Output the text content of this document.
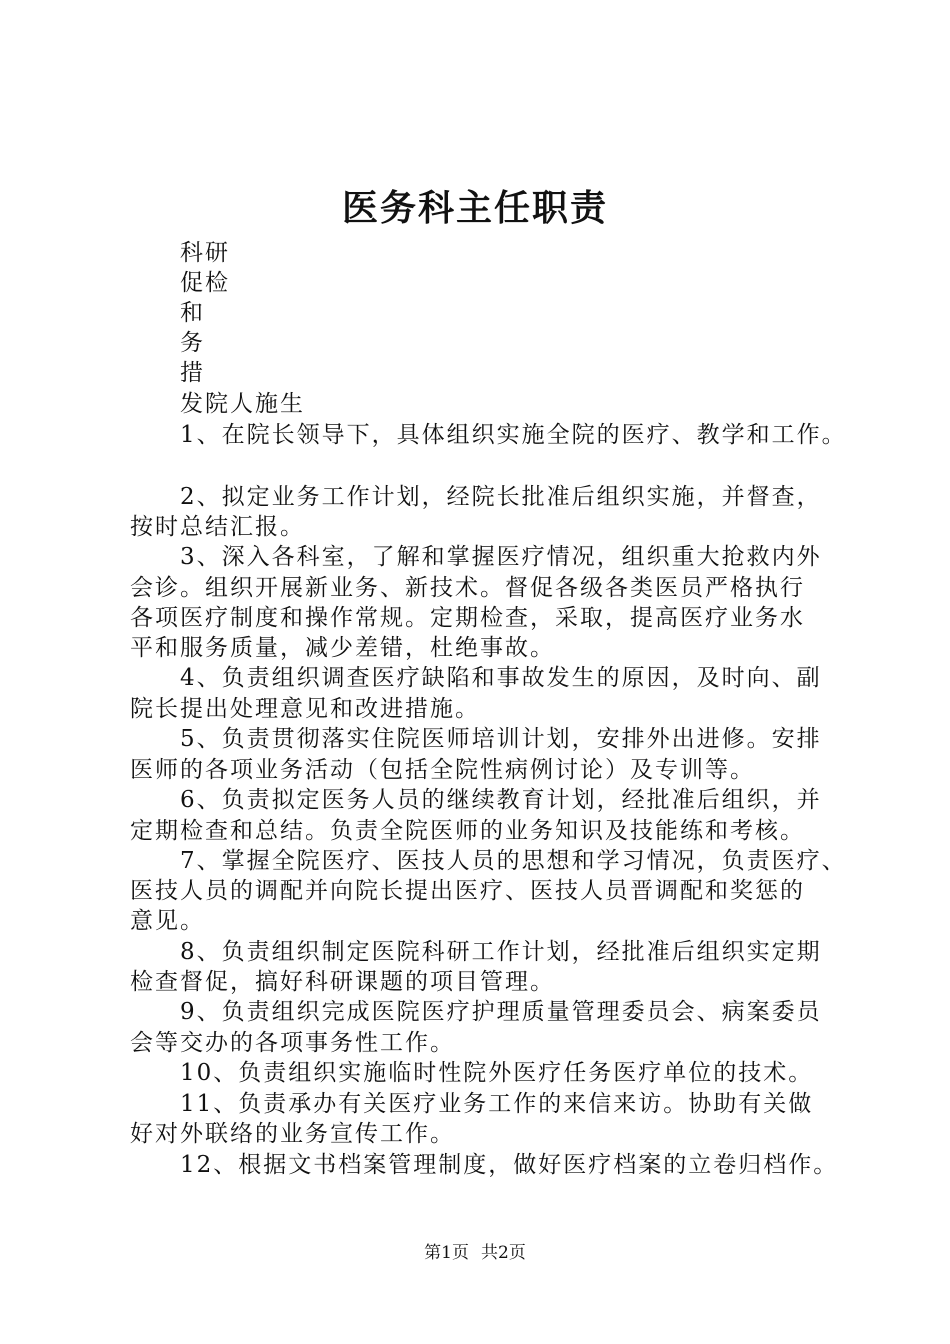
医务科主任职责
科研
促检
和
务
措
发院人施生
1、在院长领导下，具体组织实施全院的医疗、教学和工作。
2、拟定业务工作计划，经院长批准后组织实施，并督查，
按时总结汇报。
3、深入各科室，了解和掌握医疗情况，组织重大抢救内外
会诊。组织开展新业务、新技术。督促各级各类医员严格执行
各项医疗制度和操作常规。定期检查，采取，提高医疗业务水
平和服务质量，减少差错，杜绝事故。
4、负责组织调查医疗缺陷和事故发生的原因，及时向、副
院长提出处理意见和改进措施。
5、负责贯彻落实住院医师培训计划，安排外出进修。安排
医师的各项业务活动（包括全院性病例讨论）及专训等。
6、负责拟定医务人员的继续教育计划，经批准后组织，并
定期检查和总结。负责全院医师的业务知识及技能练和考核。
7、掌握全院医疗、医技人员的思想和学习情况，负责医疗、
医技人员的调配并向院长提出医疗、医技人员晋调配和奖惩的
意见。
8、负责组织制定医院科研工作计划，经批准后组织实定期
检查督促，搞好科研课题的项目管理。
9、负责组织完成医院医疗护理质量管理委员会、病案委员
会等交办的各项事务性工作。
10、负责组织实施临时性院外医疗任务医疗单位的技术。
11、负责承办有关医疗业务工作的来信来访。协助有关做
好对外联络的业务宣传工作。
12、根据文书档案管理制度，做好医疗档案的立卷归档作。
第1页 共2页
